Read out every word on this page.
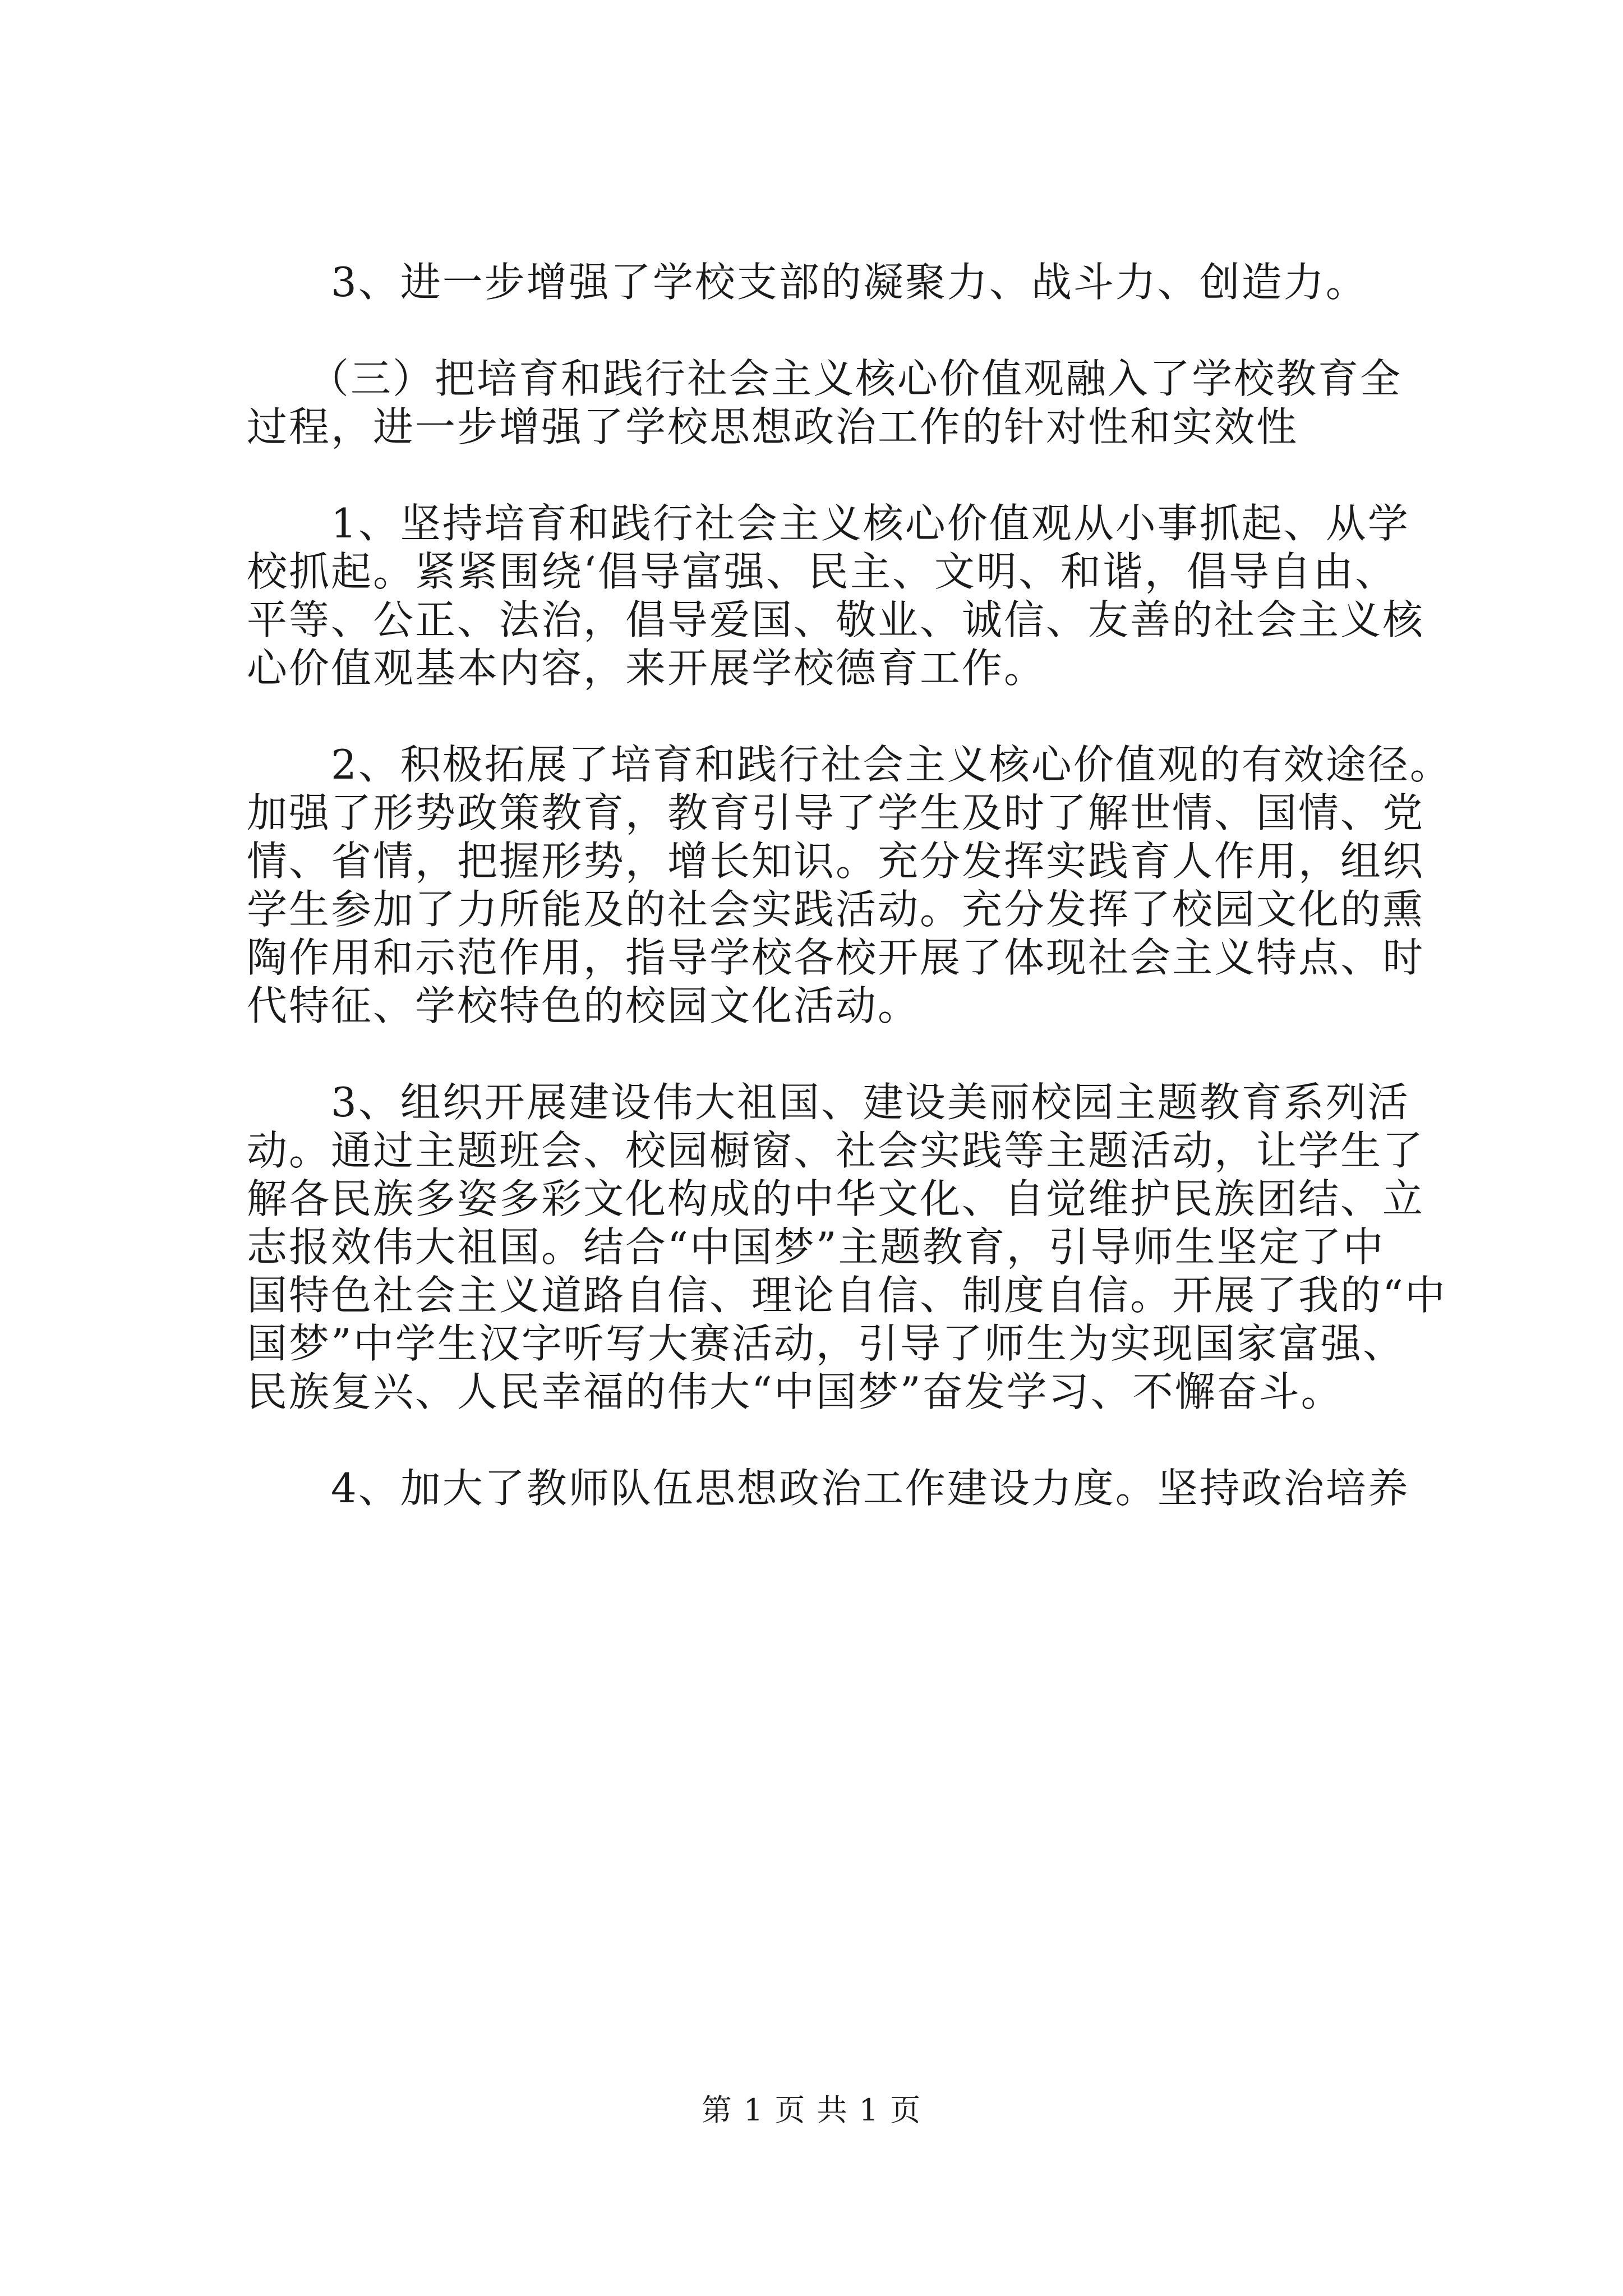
3、进一步增强了学校支部的凝聚力、战斗力、创造力。
（三）把培育和践行社会主义核心价值观融入了学校教育全
过程，进一步增强了学校思想政治工作的针对性和实效性
1、坚持培育和践行社会主义核心价值观从小事抓起、从学
校抓起。紧紧围绕‘倡导富强、民主、文明、和谐，倡导自由、
平等、公正、法治，倡导爱国、敬业、诚信、友善的社会主义核
心价值观基本内容，来开展学校德育工作。
2、积极拓展了培育和践行社会主义核心价值观的有效途径。
加强了形势政策教育，教育引导了学生及时了解世情、国情、党
情、省情，把握形势，增长知识。充分发挥实践育人作用，组织
学生参加了力所能及的社会实践活动。充分发挥了校园文化的熏
陶作用和示范作用，指导学校各校开展了体现社会主义特点、时
代特征、学校特色的校园文化活动。
3、组织开展建设伟大祖国、建设美丽校园主题教育系列活
动。通过主题班会、校园橱窗、社会实践等主题活动，让学生了
解各民族多姿多彩文化构成的中华文化、自觉维护民族团结、立
志报效伟大祖国。结合“中国梦”主题教育，引导师生坚定了中
国特色社会主义道路自信、理论自信、制度自信。开展了我的“中
国梦”中学生汉字听写大赛活动，引导了师生为实现国家富强、
民族复兴、人民幸福的伟大“中国梦”奋发学习、不懈奋斗。
4、加大了教师队伍思想政治工作建设力度。坚持政治培养
第 1 页 共 1 页
